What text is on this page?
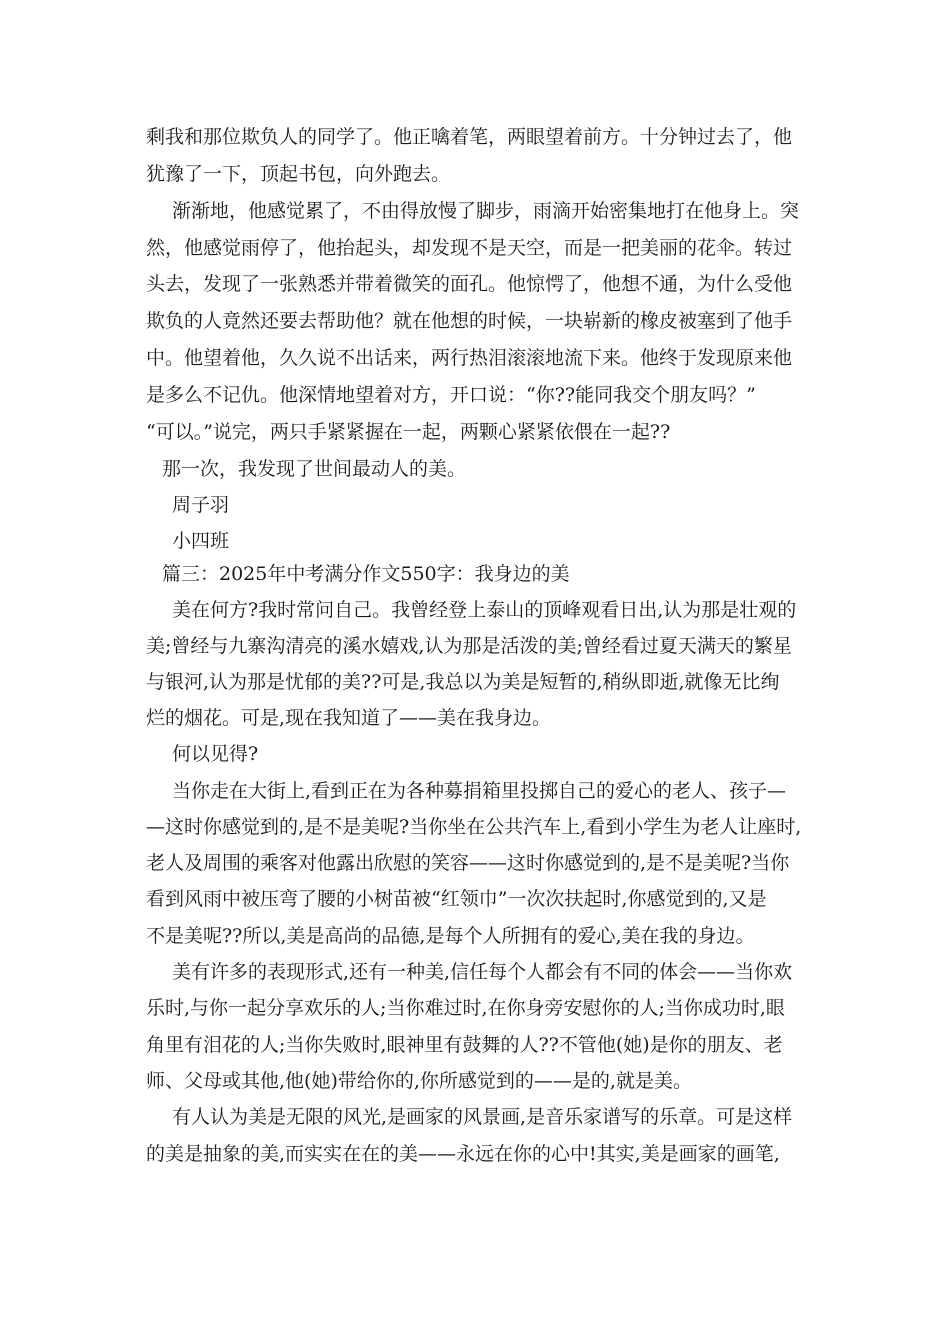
剩我和那位欺负人的同学了。他正噙着笔，两眼望着前方。十分钟过去了，他
犹豫了一下，顶起书包，向外跑去。
渐渐地，他感觉累了，不由得放慢了脚步，雨滴开始密集地打在他身上。突
然，他感觉雨停了，他抬起头，却发现不是天空，而是一把美丽的花伞。转过
头去，发现了一张熟悉并带着微笑的面孔。他惊愕了，他想不通，为什么受他
欺负的人竟然还要去帮助他？就在他想的时候，一块崭新的橡皮被塞到了他手
中。他望着他，久久说不出话来，两行热泪滚滚地流下来。他终于发现原来他
是多么不记仇。他深情地望着对方，开口说：“你??能同我交个朋友吗？”
“可以。”说完，两只手紧紧握在一起，两颗心紧紧依偎在一起??
那一次，我发现了世间最动人的美。
周子羽
小四班
篇三：2025年中考满分作文550字：我身边的美
美在何方?我时常问自己。我曾经登上泰山的顶峰观看日出,认为那是壮观的
美;曾经与九寨沟清亮的溪水嬉戏,认为那是活泼的美;曾经看过夏天满天的繁星
与银河,认为那是忧郁的美??可是,我总以为美是短暂的,稍纵即逝,就像无比绚
烂的烟花。可是,现在我知道了——美在我身边。
何以见得?
当你走在大街上,看到正在为各种募捐箱里投掷自己的爱心的老人、孩子—
—这时你感觉到的,是不是美呢?当你坐在公共汽车上,看到小学生为老人让座时,
老人及周围的乘客对他露出欣慰的笑容——这时你感觉到的,是不是美呢?当你
看到风雨中被压弯了腰的小树苗被“红领巾”一次次扶起时,你感觉到的,又是
不是美呢??所以,美是高尚的品德,是每个人所拥有的爱心,美在我的身边。
美有许多的表现形式,还有一种美,信任每个人都会有不同的体会——当你欢
乐时,与你一起分享欢乐的人;当你难过时,在你身旁安慰你的人;当你成功时,眼
角里有泪花的人;当你失败时,眼神里有鼓舞的人??不管他(她)是你的朋友、老
师、父母或其他,他(她)带给你的,你所感觉到的——是的,就是美。
有人认为美是无限的风光,是画家的风景画,是音乐家谱写的乐章。可是这样
的美是抽象的美,而实实在在的美——永远在你的心中!其实,美是画家的画笔,
